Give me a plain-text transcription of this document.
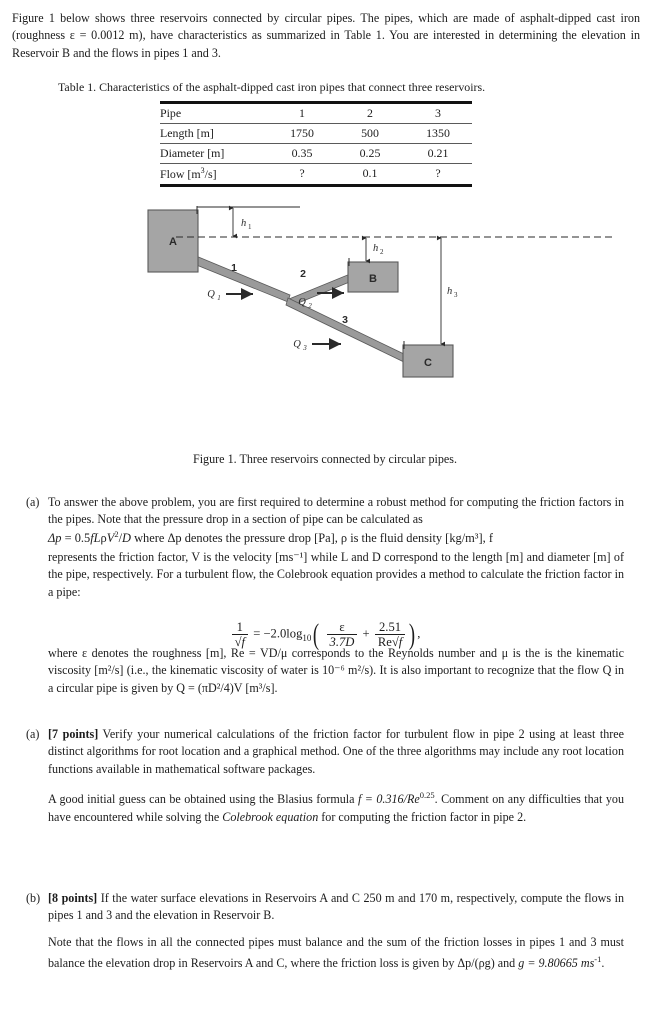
Figure 1 below shows three reservoirs connected by circular pipes. The pipes, which are made of asphalt-dipped cast iron (roughness ε = 0.0012 m), have characteristics as summarized in Table 1. You are interested in determining the elevation in Reservoir B and the flows in pipes 1 and 3.
Table 1. Characteristics of the asphalt-dipped cast iron pipes that connect three reservoirs.
Pipe	1	2	3
Length [m]	1750	500	1350
Diameter [m]	0.35	0.25	0.21
Flow $[m^3/s]$	?	0.1	?
A
B
C
1	2
3
Q 1	Q 2
Q 3
h 1
h 2
h 3
Figure 1. Three reservoirs connected by circular pipes.
(a) To answer the above problem, you are first required to determine a robust method for computing the friction factors in the pipes. Note that the pressure drop in a section of pipe can be calculated as

represents the friction factor, V is the velocity [ms⁻¹] while L and D correspond to the length [m] and diameter [m] of the pipe, respectively. For a turbulent flow, the Colebrook equation provides a method to calculate the friction factor in a pipe:

where ε denotes the roughness [m], Re = VD/μ corresponds to the Reynolds number and μ is the is the kinematic viscosity [m²/s] (i.e., the kinematic viscosity of water is 10⁻⁶ m²/s). It is also important to recognize that the flow Q in a circular pipe is given by Q = (πD²/4)V [m³/s].

Δp = 0.5fLρV$^2$/D where Δp denotes the pressure drop [Pa], ρ is the fluid density [kg/m³], f
$\frac{1}{√f} = -2.0\log_{10}( \frac{\varepsilon}{3.7D} + \frac{2.51}{Re√f}$ ) ,
(a) [7 points] Verify your numerical calculations of the friction factor for turbulent flow in pipe 2 using at least three distinct algorithms for root location and a graphical method. One of the three algorithms may include any root location functions available in mathematical software packages.

A good initial guess can be obtained using the Blasius formula $f = 0.316/Re^{0.25}$. Comment on any difficulties that you have encountered while solving the Colebrook equation for computing the friction factor in pipe 2.

(b) [8 points] If the water surface elevations in Reservoirs A and C 250 m and 170 m, respectively, compute the flows in pipes 1 and 3 and the elevation in Reservoir B.

Note that the flows in all the connected pipes must balance and the sum of the friction losses in pipes 1 and 3 must balance the elevation drop in Reservoirs A and C, where the friction loss is given by Δp/(ρg) and g = 9.80665 $ms^{-1}$.
